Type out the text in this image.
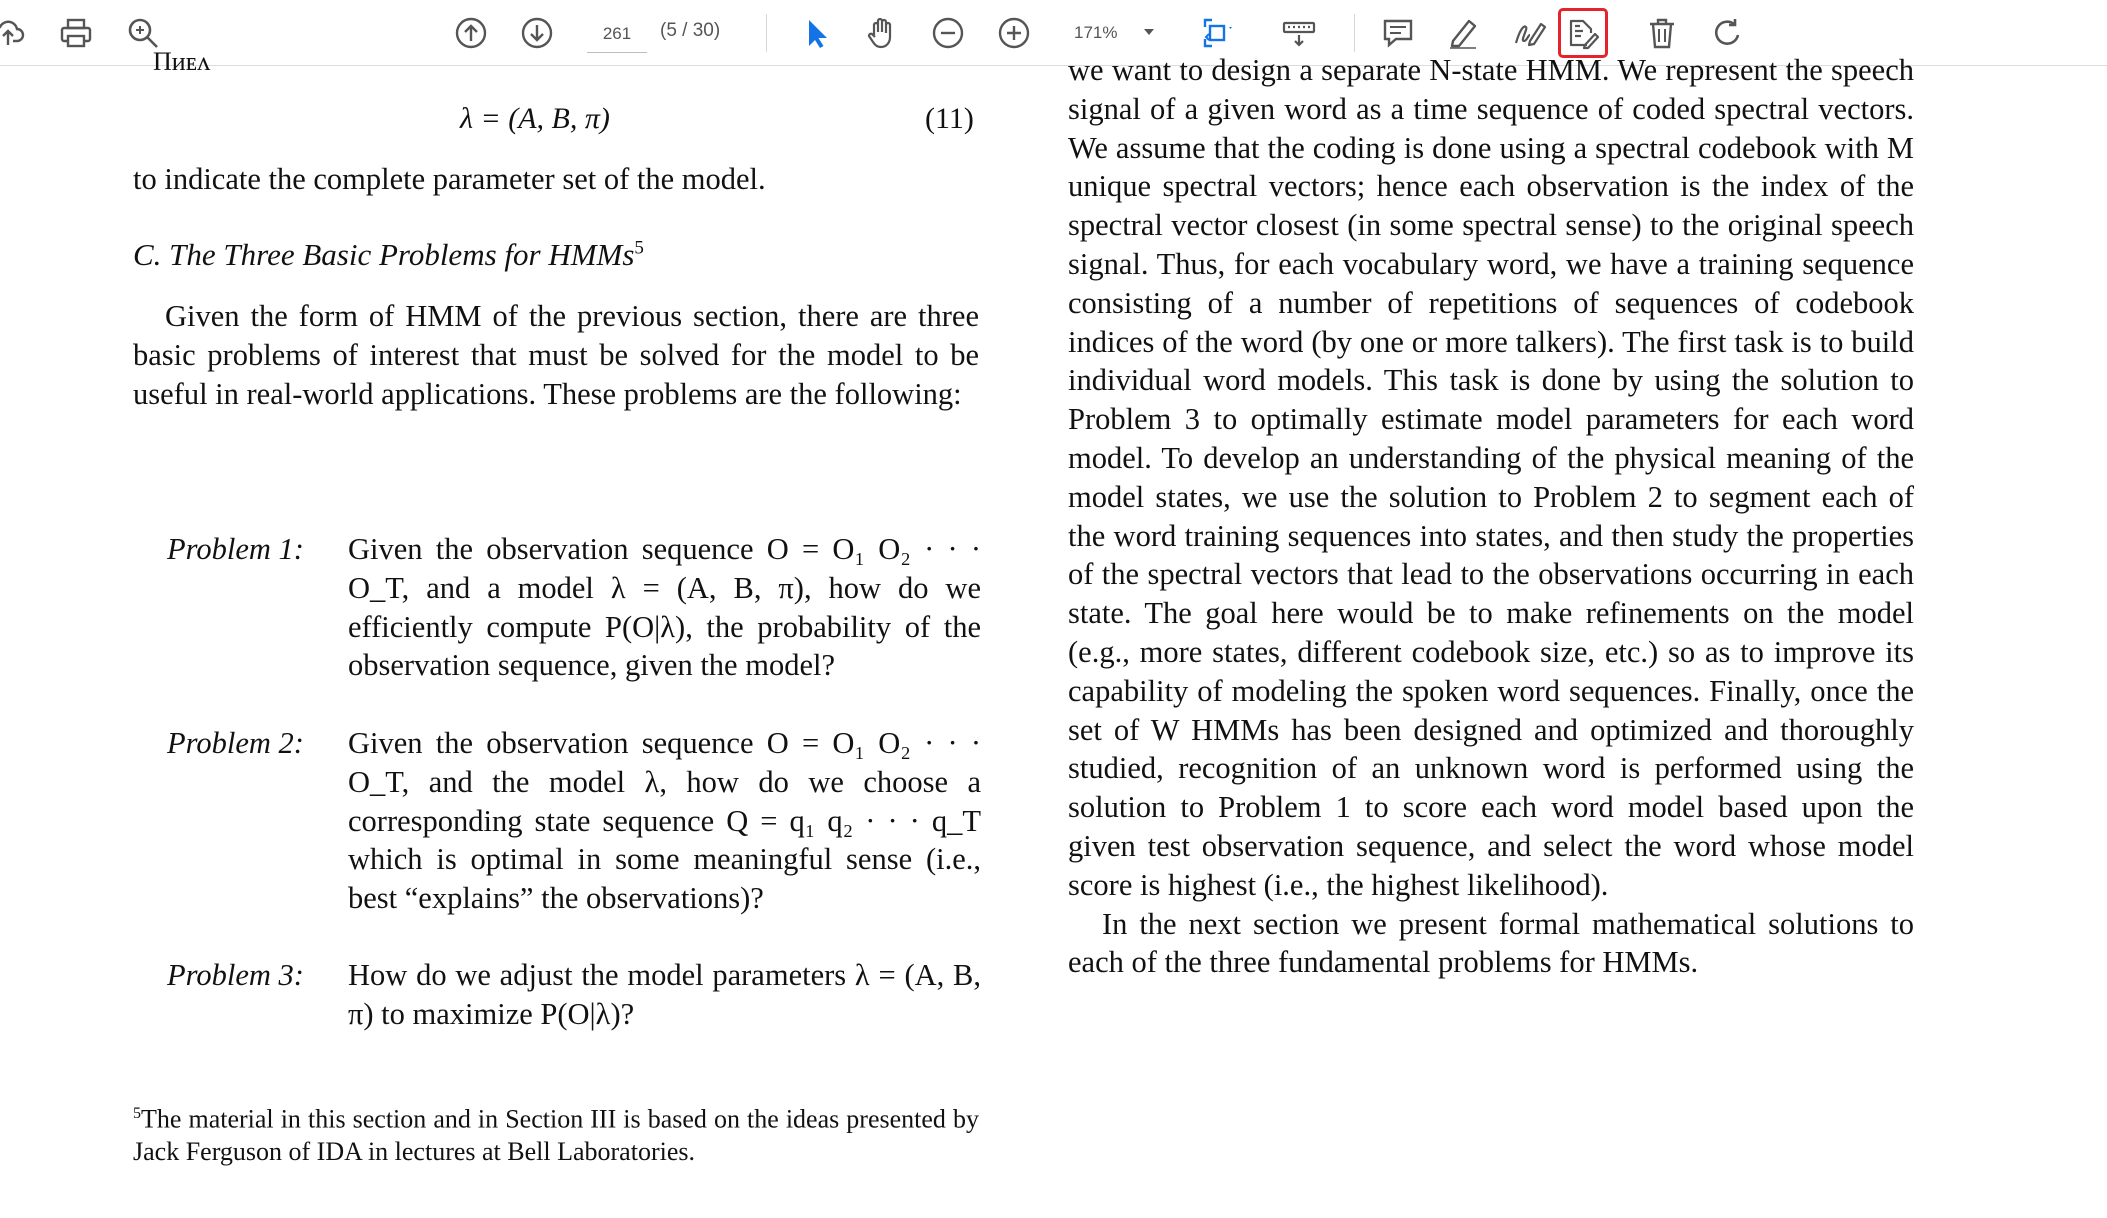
261
(5 / 30)	171%
Πᴎᴇᴧ
λ = (A, B, π)	(11)
to indicate the complete parameter set of the model.
C. The Three Basic Problems for HMMs$^5$
Given the form of HMM of the previous section, there are three basic problems of interest that must be solved for the model to be useful in real-world applications. These problems are the following:
Problem 1:	Given the observation sequence O = O₁ O₂ · · · O_T, and a model λ = (A, B, π), how do we efficiently compute P(O|λ), the probability of the observation sequence, given the model?
Problem 2:	Given the observation sequence O = O₁ O₂ · · · O_T, and the model λ, how do we choose a corresponding state sequence Q = q₁ q₂ · · · q_T which is optimal in some meaningful sense (i.e., best “explains” the observations)?
Problem 3:	How do we adjust the model parameters λ = (A, B, π) to maximize P(O|λ)?
$^5$The material in this section and in Section III is based on the ideas presented by Jack Ferguson of IDA in lectures at Bell Laboratories.
we want to design a separate N-state HMM. We represent the speech signal of a given word as a time sequence of coded spectral vectors. We assume that the coding is done using a spectral codebook with M unique spectral vectors; hence each observation is the index of the spectral vector closest (in some spectral sense) to the original speech signal. Thus, for each vocabulary word, we have a training sequence consisting of a number of repetitions of sequences of codebook indices of the word (by one or more talkers). The first task is to build individual word models. This task is done by using the solution to Problem 3 to optimally estimate model parameters for each word model. To develop an understanding of the physical meaning of the model states, we use the solution to Problem 2 to segment each of the word training sequences into states, and then study the properties of the spectral vectors that lead to the observations occurring in each state. The goal here would be to make refinements on the model (e.g., more states, different codebook size, etc.) so as to improve its capability of modeling the spoken word sequences. Finally, once the set of W HMMs has been designed and optimized and thoroughly studied, recognition of an unknown word is performed using the solution to Problem 1 to score each word model based upon the given test observation sequence, and select the word whose model score is highest (i.e., the highest likelihood).
In the next section we present formal mathematical solutions to each of the three fundamental problems for HMMs.
